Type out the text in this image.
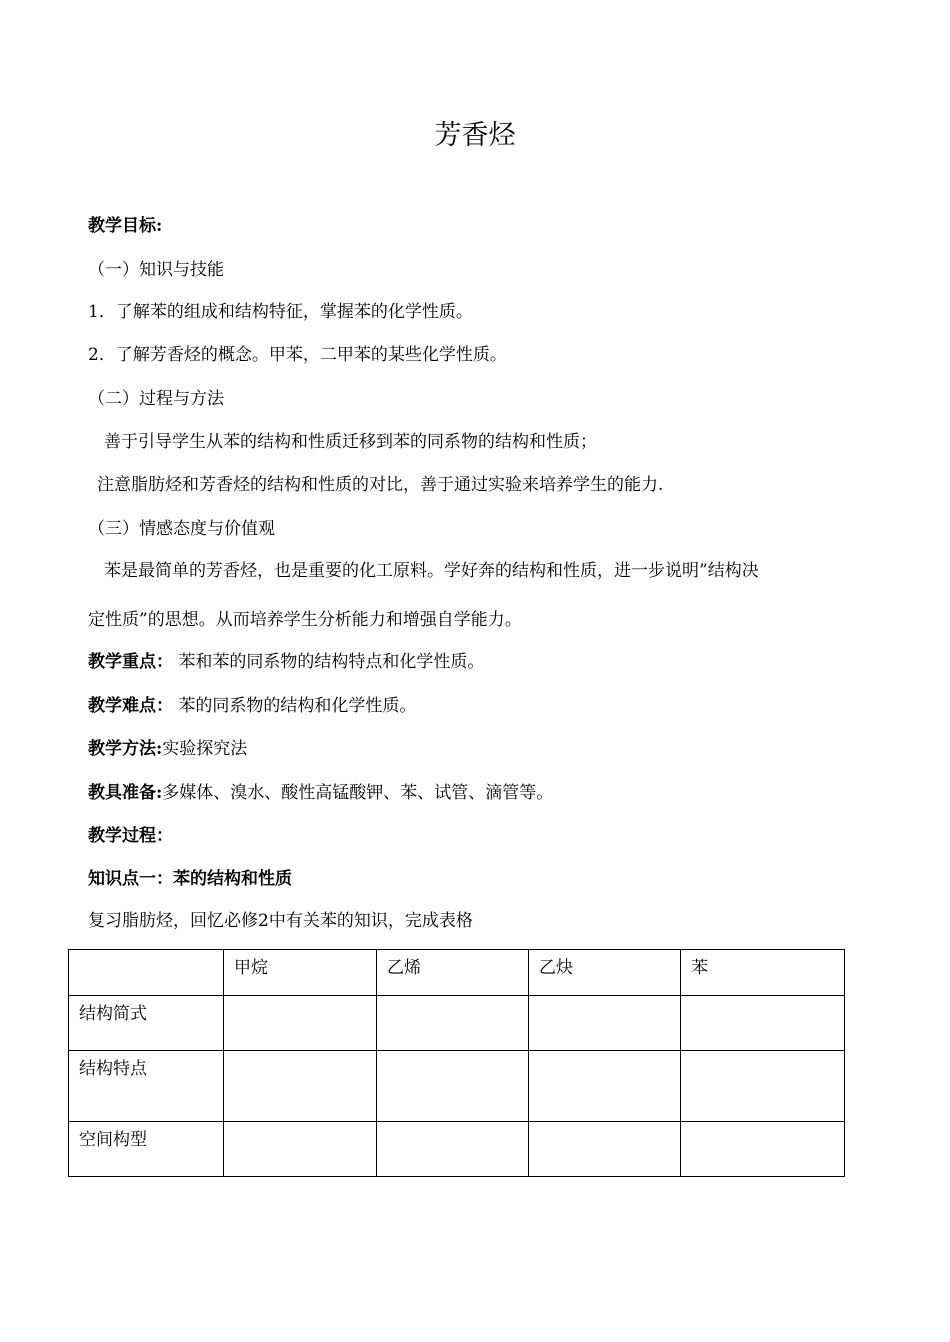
芳香烃
教学目标:
（一）知识与技能
1．了解苯的组成和结构特征，掌握苯的化学性质。
2．了解芳香烃的概念。甲苯，二甲苯的某些化学性质。
（二）过程与方法
善于引导学生从苯的结构和性质迁移到苯的同系物的结构和性质；
注意脂肪烃和芳香烃的结构和性质的对比，善于通过实验来培养学生的能力.
（三）情感态度与价值观
苯是最简单的芳香烃，也是重要的化工原料。学好奔的结构和性质，进一步说明”结构决
定性质”的思想。从而培养学生分析能力和增强自学能力。
教学重点： 苯和苯的同系物的结构特点和化学性质。
教学难点： 苯的同系物的结构和化学性质。
教学方法:实验探究法
教具准备:多媒体、溴水、酸性高锰酸钾、苯、试管、滴管等。
教学过程：
知识点一：苯的结构和性质
复习脂肪烃，回忆必修2中有关苯的知识，完成表格
	甲烷	乙烯	乙炔	苯
结构简式				
结构特点				
空间构型				
